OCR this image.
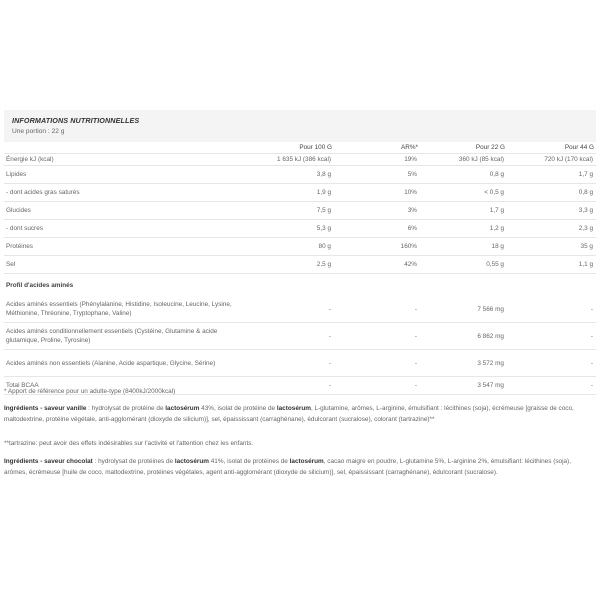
INFORMATIONS NUTRITIONNELLES
Une portion : 22 g
	Pour 100 G	AR%*	Pour 22 G	Pour 44 G
Énergie kJ (kcal)	1 635 kJ (386 kcal)	19%	360 kJ (85 kcal)	720 kJ (170 kcal)
Lipides	3,8 g	5%	0,8 g	1,7 g
- dont acides gras saturés	1,9 g	10%	< 0,5 g	0,8 g
Glucides	7,5 g	3%	1,7 g	3,3 g
- dont sucres	5,3 g	6%	1,2 g	2,3 g
Protéines	80 g	160%	18 g	35 g
Sel	2,5 g	42%	0,55 g	1,1 g
Profil d'acides aminés				
Acides aminés essentiels (Phénylalanine, Histidine, Isoleucine, Leucine, Lysine, Méthionine, Thréonine, Tryptophane, Valine)	-	-	7 566 mg	-
Acides aminés conditionnellement essentiels (Cystéine, Glutamine & acide glutamique, Proline, Tyrosine)	-	-	6 862 mg	-
Acides aminés non essentiels (Alanine, Acide aspartique, Glycine, Sérine)	-	-	3 572 mg	-
Total BCAA	-	-	3 547 mg	-
* Apport de référence pour un adulte-type (8400kJ/2000kcal)
Ingrédients - saveur vanille : hydrolysat de protéine de lactosérum 43%, isolat de protéine de lactosérum, L-glutamine, arômes, L-arginine, émulsifiant : lécithines (soja), écrémeuse [graisse de coco, maltodextrine, protéine végétale, anti-agglomérant (dioxyde de silicium)], sel, épaississant (carraghénane), édulcorant (sucralose), colorant (tartrazine)**
**tartrazine: peut avoir des effets indésirables sur l'activité et l'attention chez les enfants.
Ingrédients - saveur chocolat : hydrolysat de protéines de lactosérum 41%, isolat de protéines de lactosérum, cacao maigre en poudre, L-glutamine 5%, L-arginine 2%, émulsifiant: lécithines (soja), arômes, écrémeuse [huile de coco, maltodextrine, protéines végétales, agent anti-agglomérant (dioxyde de silicium)], sel, épaississant (carraghénane), édulcorant (sucralose).
